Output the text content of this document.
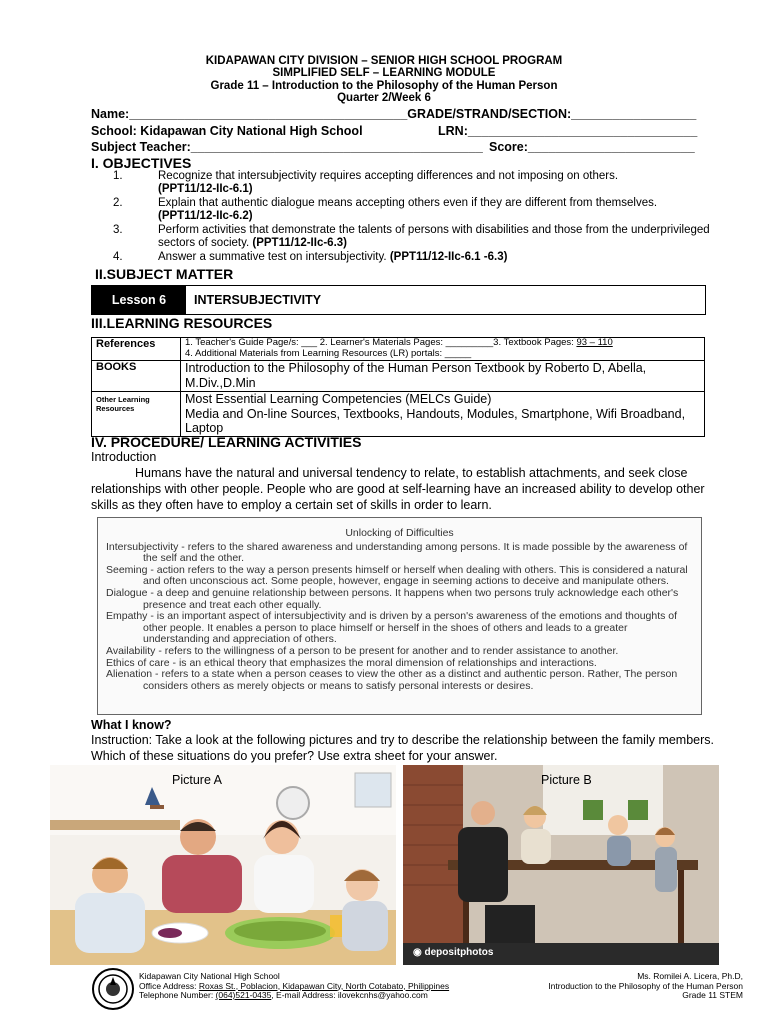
KIDAPAWAN CITY DIVISION – SENIOR HIGH SCHOOL PROGRAM
SIMPLIFIED SELF – LEARNING MODULE
Grade 11 – Introduction to the Philosophy of the Human Person
Quarter 2/Week 6
Name:________________________________________GRADE/STRAND/SECTION:__________________
School: Kidapawan City National High School	LRN:_________________________________
Subject Teacher:__________________________________________ Score:________________________
I. OBJECTIVES
1.	Recognize that intersubjectivity requires accepting differences and not imposing on others.
(PPT11/12-IIc-6.1)
2.	Explain that authentic dialogue means accepting others even if they are different from themselves.
(PPT11/12-IIc-6.2)
3.	Perform activities that demonstrate the talents of persons with disabilities and those from the underprivileged sectors of society. (PPT11/12-IIc-6.3)
4.	Answer a summative test on intersubjectivity. (PPT11/12-IIc-6.1 -6.3)
II.SUBJECT MATTER
Lesson 6	INTERSUBJECTIVITY
III.LEARNING RESOURCES
References	1. Teacher's Guide Page/s: ___ 2. Learner's Materials Pages: _________3. Textbook Pages: 93 – 110
4. Additional Materials from Learning Resources (LR) portals: _____
BOOKS	Introduction to the Philosophy of the Human Person Textbook by Roberto D, Abella, M.Div.,D.Min
Other Learning Resources	Most Essential Learning Competencies (MELCs Guide)
Media and On-line Sources, Textbooks, Handouts, Modules, Smartphone, Wifi Broadband, Laptop
IV. PROCEDURE/ LEARNING ACTIVITIES
Introduction
Humans have the natural and universal tendency to relate, to establish attachments, and seek close relationships with other people. People who are good at self-learning have an increased ability to develop other skills as they often have to employ a certain set of skills in order to learn.
Unlocking of Difficulties
Intersubjectivity - refers to the shared awareness and understanding among persons. It is made possible by the awareness of the self and the other.
Seeming - action refers to the way a person presents himself or herself when dealing with others. This is considered a natural and often unconscious act. Some people, however, engage in seeming actions to deceive and manipulate others.
Dialogue - a deep and genuine relationship between persons. It happens when two persons truly acknowledge each other's presence and treat each other equally.
Empathy - is an important aspect of intersubjectivity and is driven by a person's awareness of the emotions and thoughts of other people. It enables a person to place himself or herself in the shoes of others and leads to a greater understanding and appreciation of others.
Availability - refers to the willingness of a person to be present for another and to render assistance to another.
Ethics of care - is an ethical theory that emphasizes the moral dimension of relationships and interactions.
Alienation - refers to a state when a person ceases to view the other as a distinct and authentic person. Rather, The person considers others as merely objects or means to satisfy personal interests or desires.
What I know?
Instruction: Take a look at the following pictures and try to describe the relationship between the family members. Which of these situations do you prefer? Use extra sheet for your answer.
Picture A	Picture B
◉ depositphotos
Kidapawan City National High School
Office Address: Roxas St., Poblacion, Kidapawan City, North Cotabato, Philippines
Telephone Number: (064)521-0435, E-mail Address: ilovekcnhs@yahoo.com
Ms. Romilei A. Licera, Ph.D,
Introduction to the Philosophy of the Human Person
Grade 11 STEM
